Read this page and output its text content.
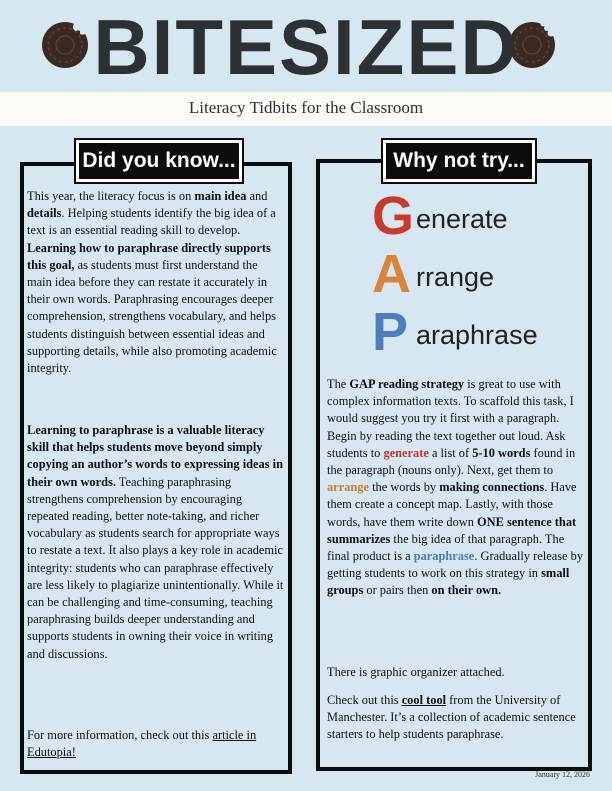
BITESIZED

Literacy Tidbits for the Classroom

Did you know...

This year, the literacy focus is on main idea and details. Helping students identify the big idea of a text is an essential reading skill to develop. Learning how to paraphrase directly supports this goal, as students must first understand the main idea before they can restate it accurately in their own words. Paraphrasing encourages deeper comprehension, strengthens vocabulary, and helps students distinguish between essential ideas and supporting details, while also promoting academic integrity.

Learning to paraphrase is a valuable literacy skill that helps students move beyond simply copying an author’s words to expressing ideas in their own words. Teaching paraphrasing strengthens comprehension by encouraging repeated reading, better note-taking, and richer vocabulary as students search for appropriate ways to restate a text. It also plays a key role in academic integrity: students who can paraphrase effectively are less likely to plagiarize unintentionally. While it can be challenging and time-consuming, teaching paraphrasing builds deeper understanding and supports students in owning their voice in writing and discussions.

For more information, check out this article in Edutopia!

Why not try...
G enerate
A rrange
P araphrase

The GAP reading strategy is great to use with complex information texts. To scaffold this task, I would suggest you try it first with a paragraph. Begin by reading the text together out loud. Ask students to generate a list of 5-10 words found in the paragraph (nouns only). Next, get them to arrange the words by making connections. Have them create a concept map. Lastly, with those words, have them write down ONE sentence that summarizes the big idea of that paragraph. The final product is a paraphrase. Gradually release by getting students to work on this strategy in small groups or pairs then on their own.

There is graphic organizer attached.

Check out this cool tool from the University of Manchester. It’s a collection of academic sentence starters to help students paraphrase.

January 12, 2026
